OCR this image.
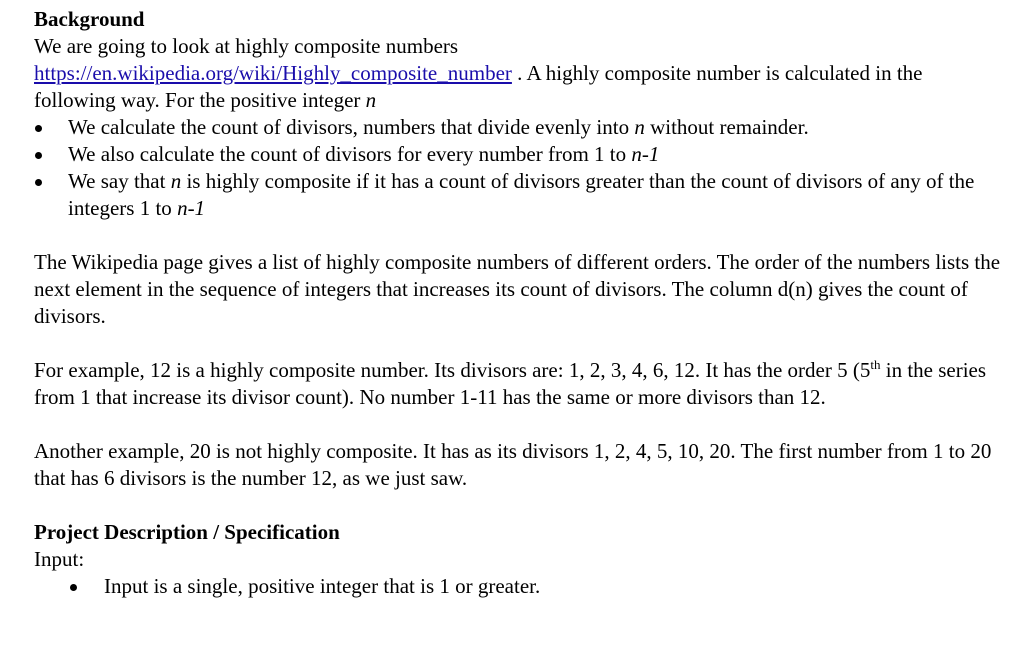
Background

We are going to look at highly composite numbers
https://en.wikipedia.org/wiki/Highly_composite_number . A highly composite number is calculated in the following way. For the positive integer n

We calculate the count of divisors, numbers that divide evenly into n without remainder.
We also calculate the count of divisors for every number from 1 to n-1
We say that n is highly composite if it has a count of divisors greater than the count of divisors of any of the integers 1 to n-1

The Wikipedia page gives a list of highly composite numbers of different orders. The order of the numbers lists the next element in the sequence of integers that increases its count of divisors. The column d(n) gives the count of divisors.

For example, 12 is a highly composite number. Its divisors are: 1, 2, 3, 4, 6, 12. It has the order 5 (5th in the series from 1 that increase its divisor count). No number 1-11 has the same or more divisors than 12.

Another example, 20 is not highly composite. It has as its divisors 1, 2, 4, 5, 10, 20. The first number from 1 to 20 that has 6 divisors is the number 12, as we just saw.

Project Description / Specification
Input:
Input is a single, positive integer that is 1 or greater.
